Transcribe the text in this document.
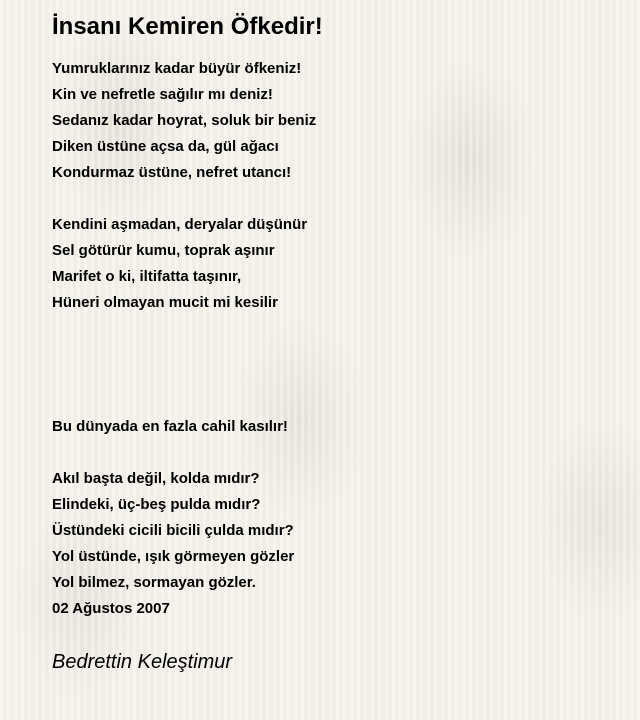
İnsanı Kemiren Öfkedir!
Yumruklarınız kadar büyür öfkeniz!
Kin ve nefretle sağılır mı deniz!
Sedanız kadar hoyrat, soluk bir beniz
Diken üstüne açsa da, gül ağacı
Kondurmaz üstüne, nefret utancı!
Kendini aşmadan, deryalar düşünür
Sel götürür kumu, toprak aşınır
Marifet o ki, iltifatta taşınır,
Hüneri olmayan mucit mi kesilir
Bu dünyada en fazla cahil kasılır!
Akıl başta değil, kolda mıdır?
Elindeki, üç-beş pulda mıdır?
Üstündeki cicili bicili çulda mıdır?
Yol üstünde, ışık görmeyen gözler
Yol bilmez, sormayan gözler.
02 Ağustos 2007
Bedrettin Keleştimur
